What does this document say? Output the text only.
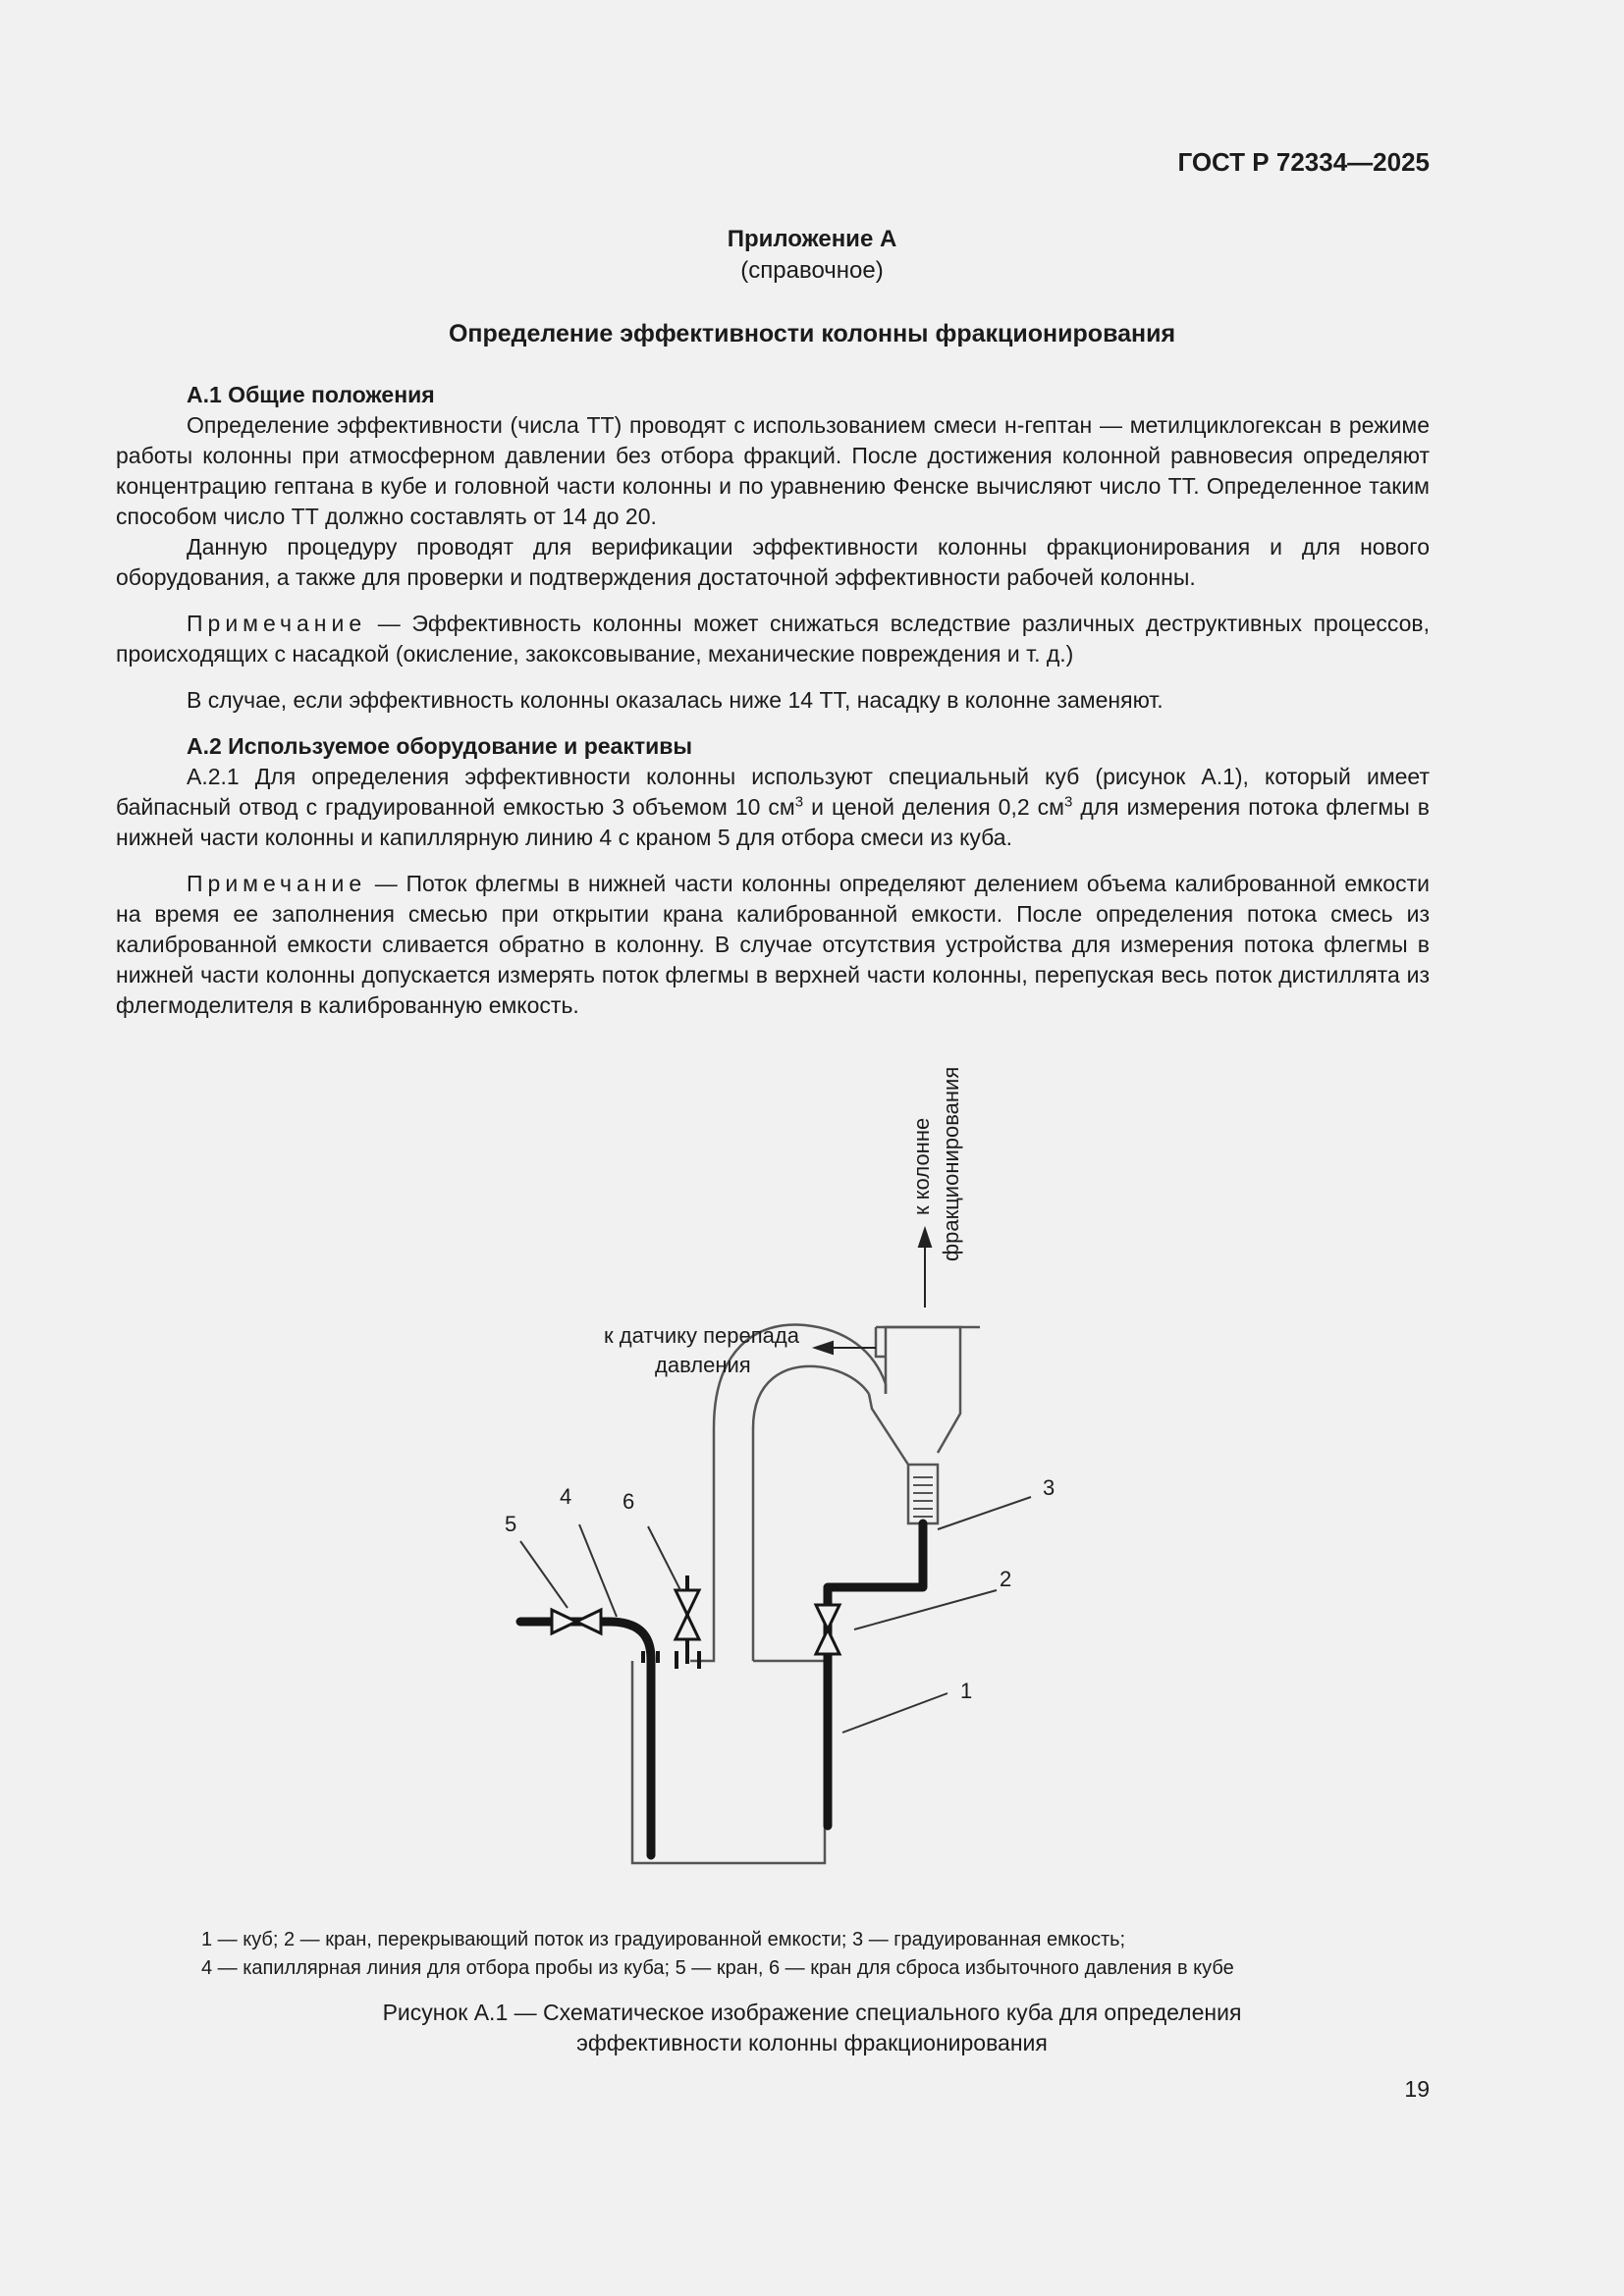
ГОСТ Р 72334—2025
Приложение А
(справочное)
Определение эффективности колонны фракционирования

А.1 Общие положения

Определение эффективности (числа ТТ) проводят с использованием смеси н-гептан — метилциклогексан в режиме работы колонны при атмосферном давлении без отбора фракций. После достижения колонной равновесия определяют концентрацию гептана в кубе и головной части колонны и по уравнению Фенске вычисляют число ТТ. Определенное таким способом число ТТ должно составлять от 14 до 20.

Данную процедуру проводят для верификации эффективности колонны фракционирования и для нового оборудования, а также для проверки и подтверждения достаточной эффективности рабочей колонны.

Примечание — Эффективность колонны может снижаться вследствие различных деструктивных процессов, происходящих с насадкой (окисление, закоксовывание, механические повреждения и т. д.)

В случае, если эффективность колонны оказалась ниже 14 ТТ, насадку в колонне заменяют.

А.2 Используемое оборудование и реактивы

А.2.1 Для определения эффективности колонны используют специальный куб (рисунок А.1), который имеет байпасный отвод с градуированной емкостью 3 объемом 10 $см^3$ и ценой деления 0,2 $см^3$ для измерения потока флегмы в нижней части колонны и капиллярную линию 4 с краном 5 для отбора смеси из куба.

Примечание — Поток флегмы в нижней части колонны определяют делением объема калиброванной емкости на время ее заполнения смесью при открытии крана калиброванной емкости. После определения потока смесь из калиброванной емкости сливается обратно в колонну. В случае отсутствия устройства для измерения потока флегмы в нижней части колонны допускается измерять поток флегмы в верхней части колонны, перепуская весь поток дистиллята из флегмоделителя в калиброванную емкость.

к колонне фракционирования
к датчику перепада
давления
1
2
3
4
5
6
1 — куб; 2 — кран, перекрывающий поток из градуированной емкости; 3 — градуированная емкость;
4 — капиллярная линия для отбора пробы из куба; 5 — кран, 6 — кран для сброса избыточного давления в кубе
Рисунок А.1 — Схематическое изображение специального куба для определения
эффективности колонны фракционирования
19
